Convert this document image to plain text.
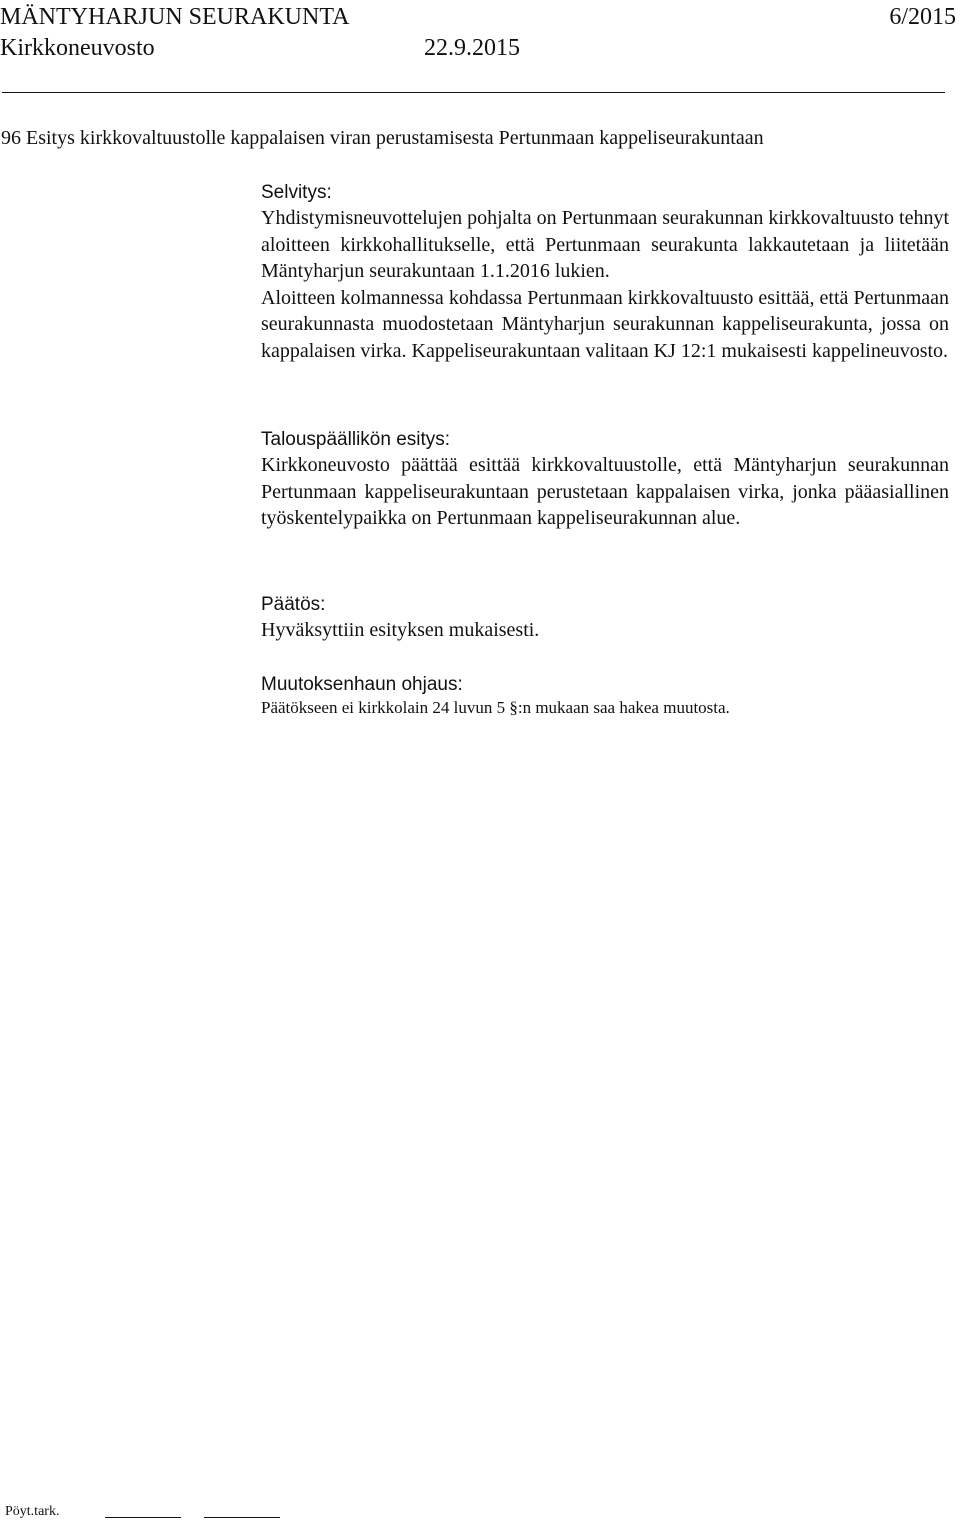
MÄNTYHARJUN SEURAKUNTA	6/2015
Kirkkoneuvosto	22.9.2015
96 Esitys kirkkovaltuustolle kappalaisen viran perustamisesta Pertunmaan kappeliseurakuntaan

Selvitys:

Yhdistymisneuvottelujen pohjalta on Pertunmaan seurakunnan kirkkovaltuusto tehnyt aloitteen kirkkohallitukselle, että Pertunmaan seurakunta lakkautetaan ja liitetään Mäntyharjun seurakuntaan 1.1.2016 lukien.

Aloitteen kolmannessa kohdassa Pertunmaan kirkkovaltuusto esittää, että Pertunmaan seurakunnasta muodostetaan Mäntyharjun seurakunnan kappeliseurakunta, jossa on kappalaisen virka. Kappeliseurakuntaan valitaan KJ 12:1 mukaisesti kappelineuvosto.

Talouspäällikön esitys:

Kirkkoneuvosto päättää esittää kirkkovaltuustolle, että Mäntyharjun seurakunnan Pertunmaan kappeliseurakuntaan perustetaan kappalaisen virka, jonka pääasiallinen työskentelypaikka on Pertunmaan kappeliseurakunnan alue.

Päätös:

Hyväksyttiin esityksen mukaisesti.

Muutoksenhaun ohjaus:

Päätökseen ei kirkkolain 24 luvun 5 §:n mukaan saa hakea muutosta.

Pöyt.tark.
